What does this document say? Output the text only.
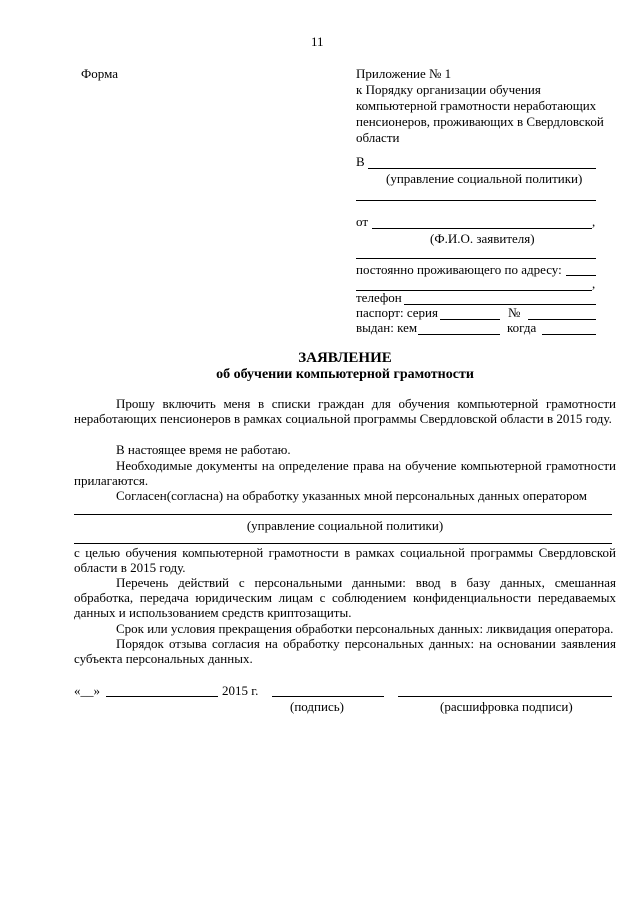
11
Форма	Приложение № 1
к Порядку организации обучения
компьютерной грамотности неработающих
пенсионеров, проживающих в Свердловской
области
В
(управление социальной политики)
от	,
(Ф.И.О. заявителя)
постоянно проживающего по адресу:
,
телефон
паспорт: серия	№
выдан: кем	когда
ЗАЯВЛЕНИЕ
об обучении компьютерной грамотности
Прошу включить меня в списки граждан для обучения компьютерной грамотности неработающих пенсионеров в рамках социальной программы Свердловской области в 2015 году.
В настоящее время не работаю.
Необходимые документы на определение права на обучение компьютерной грамотности прилагаются.
Согласен(согласна) на обработку указанных мной персональных данных оператором
(управление социальной политики)
с целью обучения компьютерной грамотности в рамках социальной программы Свердловской области в 2015 году.
Перечень действий с персональными данными: ввод в базу данных, смешанная обработка, передача юридическим лицам с соблюдением конфиденциальности передаваемых данных и использованием средств криптозащиты.
Срок или условия прекращения обработки персональных данных: ликвидация оператора.
Порядок отзыва согласия на обработку персональных данных: на основании заявления субъекта персональных данных.
«__»	2015 г.
(подпись)	(расшифровка подписи)
